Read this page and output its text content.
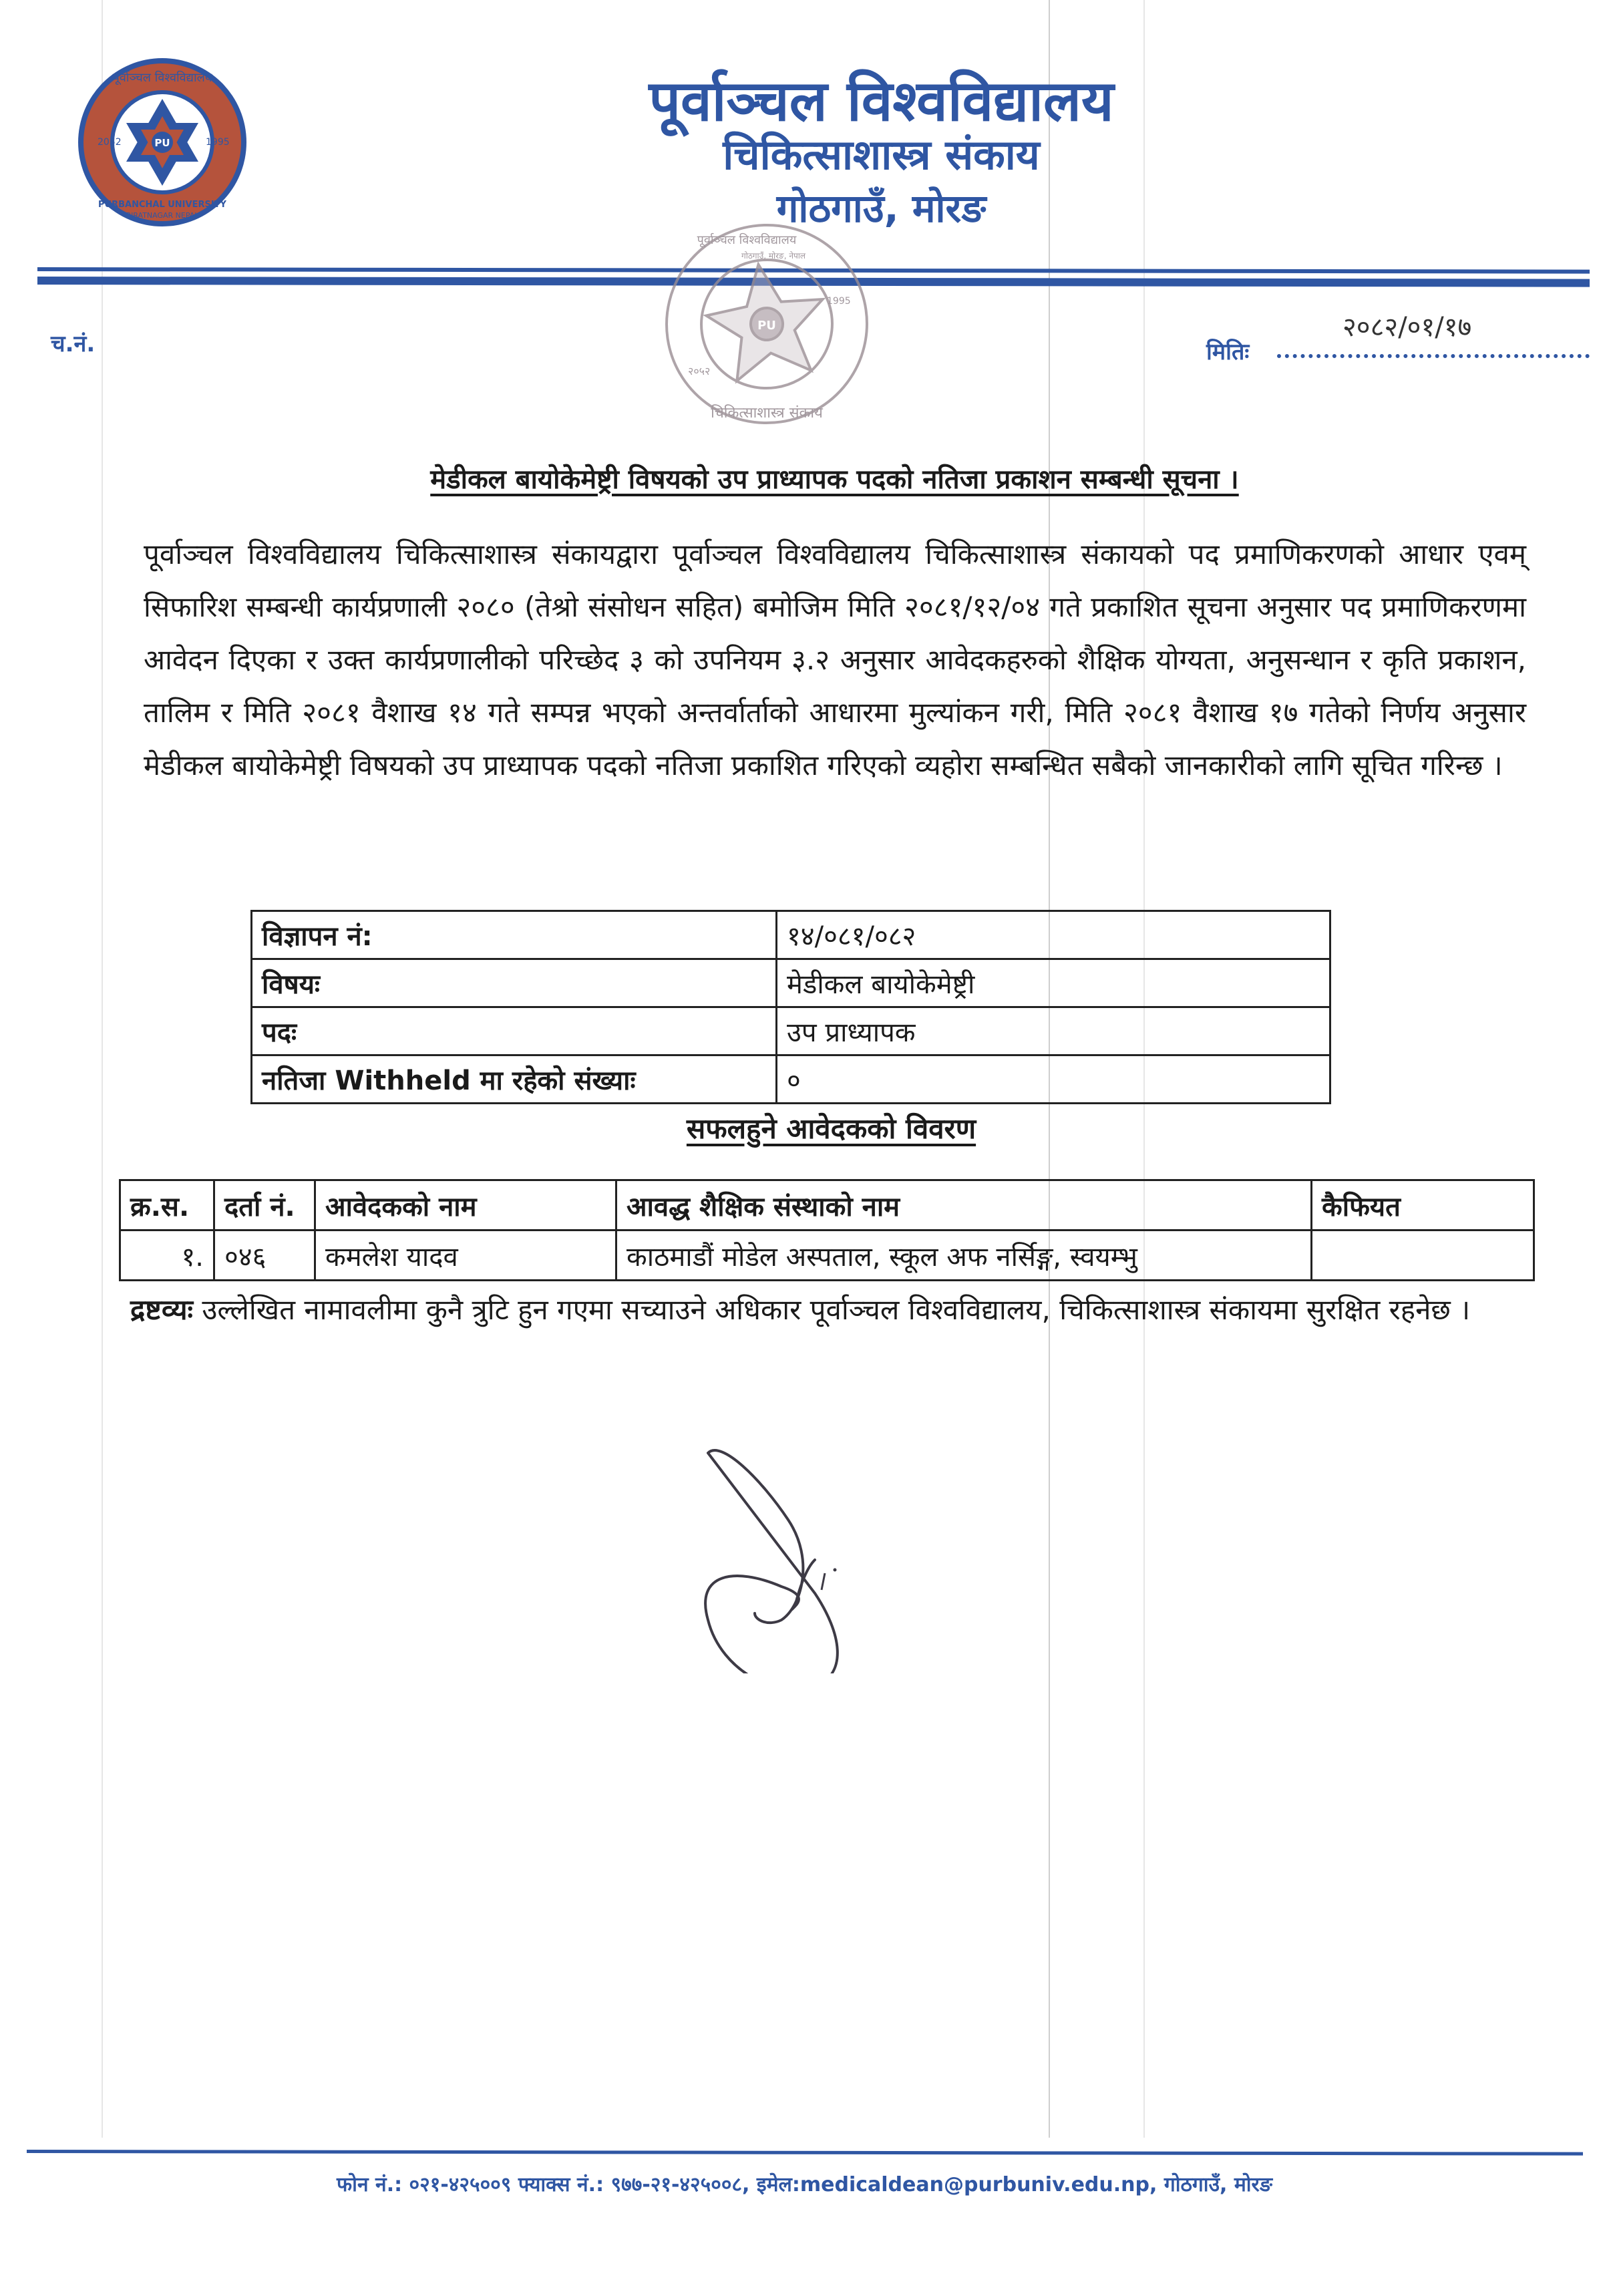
PU
2052	1995
PURBANCHAL UNIVERSITY
BIRATNAGAR NEPAL
पूर्वाञ्चल विश्वविद्यालय	पूर्वाञ्चल विश्वविद्यालय
चिकित्साशास्त्र संकाय
गोठगाउँ, मोरङ
PU
२०५२
1995
चिकित्साशास्त्र संकाय
पूर्वाञ्चल विश्वविद्यालय
गोठगाउँ, मोरङ, नेपाल
च.नं.
२०८२/०१/१७
मितिः
मेडीकल बायोकेमेष्ट्री विषयको उप प्राध्यापक पदको नतिजा प्रकाशन सम्बन्धी सूचना ।
पूर्वाञ्चल विश्वविद्यालय चिकित्साशास्त्र संकायद्वारा पूर्वाञ्चल विश्वविद्यालय चिकित्साशास्त्र संकायको पद प्रमाणिकरणको आधार एवम् सिफारिश सम्बन्धी कार्यप्रणाली २०८० (तेश्रो संसोधन सहित) बमोजिम मिति २०८१/१२/०४ गते प्रकाशित सूचना अनुसार पद प्रमाणिकरणमा आवेदन दिएका र उक्त कार्यप्रणालीको परिच्छेद ३ को उपनियम ३.२ अनुसार आवेदकहरुको शैक्षिक योग्यता, अनुसन्धान र कृति प्रकाशन, तालिम र मिति २०८१ वैशाख १४ गते सम्पन्न भएको अन्तर्वार्ताको आधारमा मुल्यांकन गरी, मिति २०८१ वैशाख १७ गतेको निर्णय अनुसार मेडीकल बायोकेमेष्ट्री विषयको उप प्राध्यापक पदको नतिजा प्रकाशित गरिएको व्यहोरा सम्बन्धित सबैको जानकारीको लागि सूचित गरिन्छ ।
विज्ञापन नं:	१४/०८१/०८२
विषयः	मेडीकल बायोकेमेष्ट्री
पदः	उप प्राध्यापक
नतिजा Withheld मा रहेको संख्याः	०
सफलहुने आवेदकको विवरण
क्र.स.	दर्ता नं.	आवेदकको नाम	आवद्ध शैक्षिक संस्थाको नाम	कैफियत
१.	०४६	कमलेश यादव	काठमाडौं मोडेल अस्पताल, स्कूल अफ नर्सिङ्ग, स्वयम्भु	
द्रष्टव्यः उल्लेखित नामावलीमा कुनै त्रुटि हुन गएमा सच्याउने अधिकार पूर्वाञ्चल विश्वविद्यालय, चिकित्साशास्त्र संकायमा सुरक्षित रहनेछ ।
फोन नं.: ०२१-४२५००९ फ्याक्स नं.: ९७७-२१-४२५००८, इमेल:medicaldean@purbuniv.edu.np, गोठगाउँ, मोरङ
